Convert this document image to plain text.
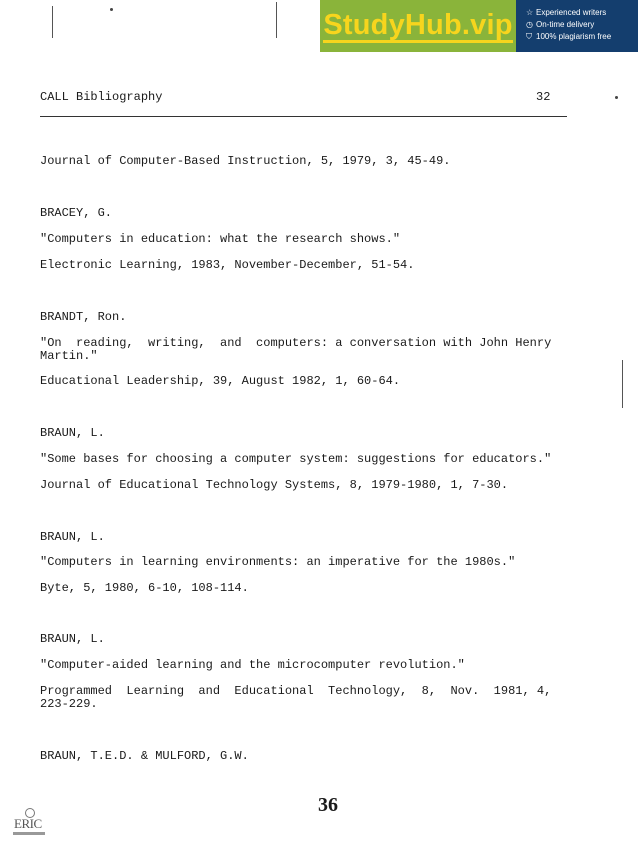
StudyHub.vip ☆ Experienced writers
◷ On-time delivery
⛉ 100% plagiarism free
CALL Bibliography	32
Journal of Computer-Based Instruction, 5, 1979, 3, 45-49.
BRACEY, G.
"Computers in education: what the research shows."
Electronic Learning, 1983, November-December, 51-54.
BRANDT, Ron.
"On  reading,  writing,  and  computers: a conversation with John Henry
Martin."
Educational Leadership, 39, August 1982, 1, 60-64.
BRAUN, L.
"Some bases for choosing a computer system: suggestions for educators."
Journal of Educational Technology Systems, 8, 1979-1980, 1, 7-30.
BRAUN, L.
"Computers in learning environments: an imperative for the 1980s."
Byte, 5, 1980, 6-10, 108-114.
BRAUN, L.
"Computer-aided learning and the microcomputer revolution."
Programmed  Learning  and  Educational  Technology,  8,  Nov.  1981, 4,
223-229.
BRAUN, T.E.D. & MULFORD, G.W.
36
ERIC
